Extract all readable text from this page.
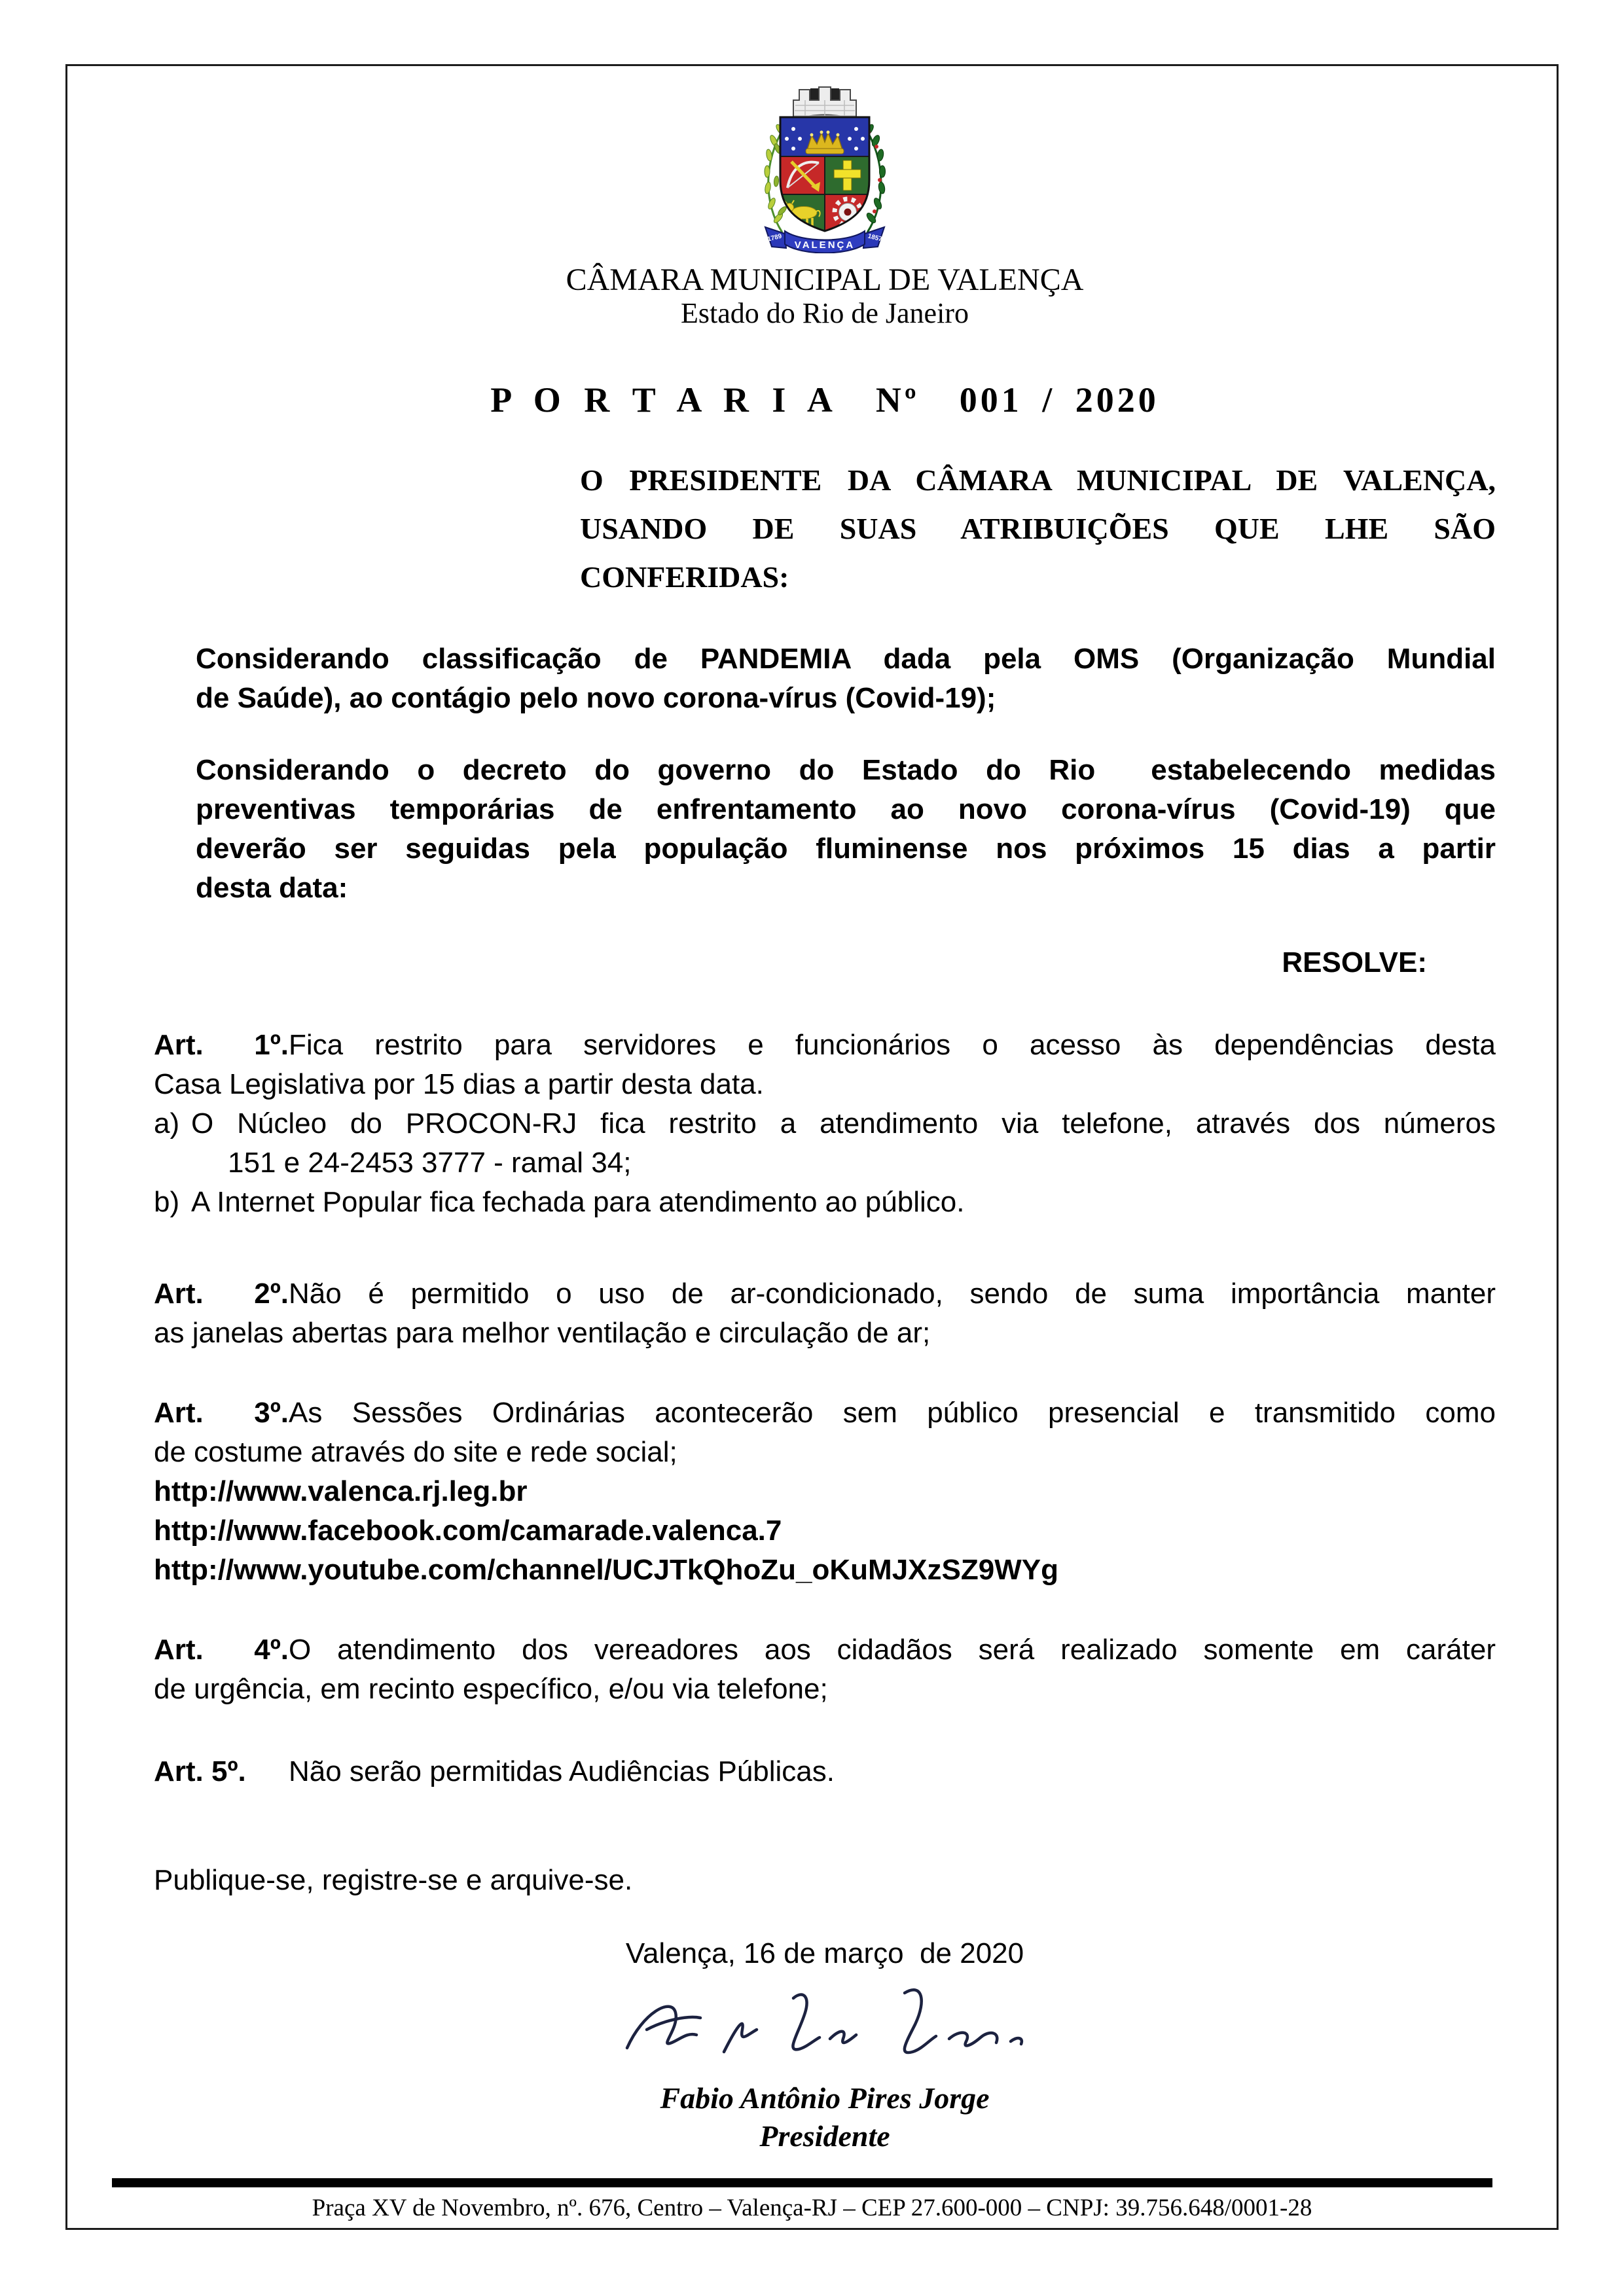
1789
VALENÇA
1857
CÂMARA MUNICIPAL DE VALENÇA
Estado do Rio de Janeiro
P O R T A R I A  Nº  001 / 2020
O PRESIDENTE DA CÂMARA MUNICIPAL DE VALENÇA,
USANDO DE SUAS ATRIBUIÇÕES QUE LHE SÃO
CONFERIDAS:
Considerando classificação de PANDEMIA dada pela OMS (Organização Mundial
de Saúde), ao contágio pelo novo corona-vírus (Covid-19);
Considerando o decreto do governo do Estado do Rio  estabelecendo medidas
preventivas temporárias de enfrentamento ao novo corona-vírus (Covid-19) que
deverão ser seguidas pela população fluminense nos próximos 15 dias a partir
desta data:
RESOLVE:
Art. 1º.Fica restrito para servidores e funcionários o acesso às dependências desta
Casa Legislativa por 15 dias a partir desta data.
a) O Núcleo do PROCON-RJ fica restrito a atendimento via telefone, através dos números
151 e 24-2453 3777 - ramal 34;
b) A Internet Popular fica fechada para atendimento ao público.
Art. 2º.Não é permitido o uso de ar-condicionado, sendo de suma importância manter
as janelas abertas para melhor ventilação e circulação de ar;
Art. 3º.As Sessões Ordinárias acontecerão sem público presencial e transmitido como
de costume através do site e rede social;
http://www.valenca.rj.leg.br
http://www.facebook.com/camarade.valenca.7
http://www.youtube.com/channel/UCJTkQhoZu_oKuMJXzSZ9WYg
Art. 4º.O atendimento dos vereadores aos cidadãos será realizado somente em caráter
de urgência, em recinto específico, e/ou via telefone;
Art. 5º. Não serão permitidas Audiências Públicas.
Publique-se, registre-se e arquive-se.
Valença, 16 de março  de 2020
Fabio Antônio Pires Jorge
Presidente
Praça XV de Novembro, nº. 676, Centro – Valença-RJ – CEP 27.600-000 – CNPJ: 39.756.648/0001-28
